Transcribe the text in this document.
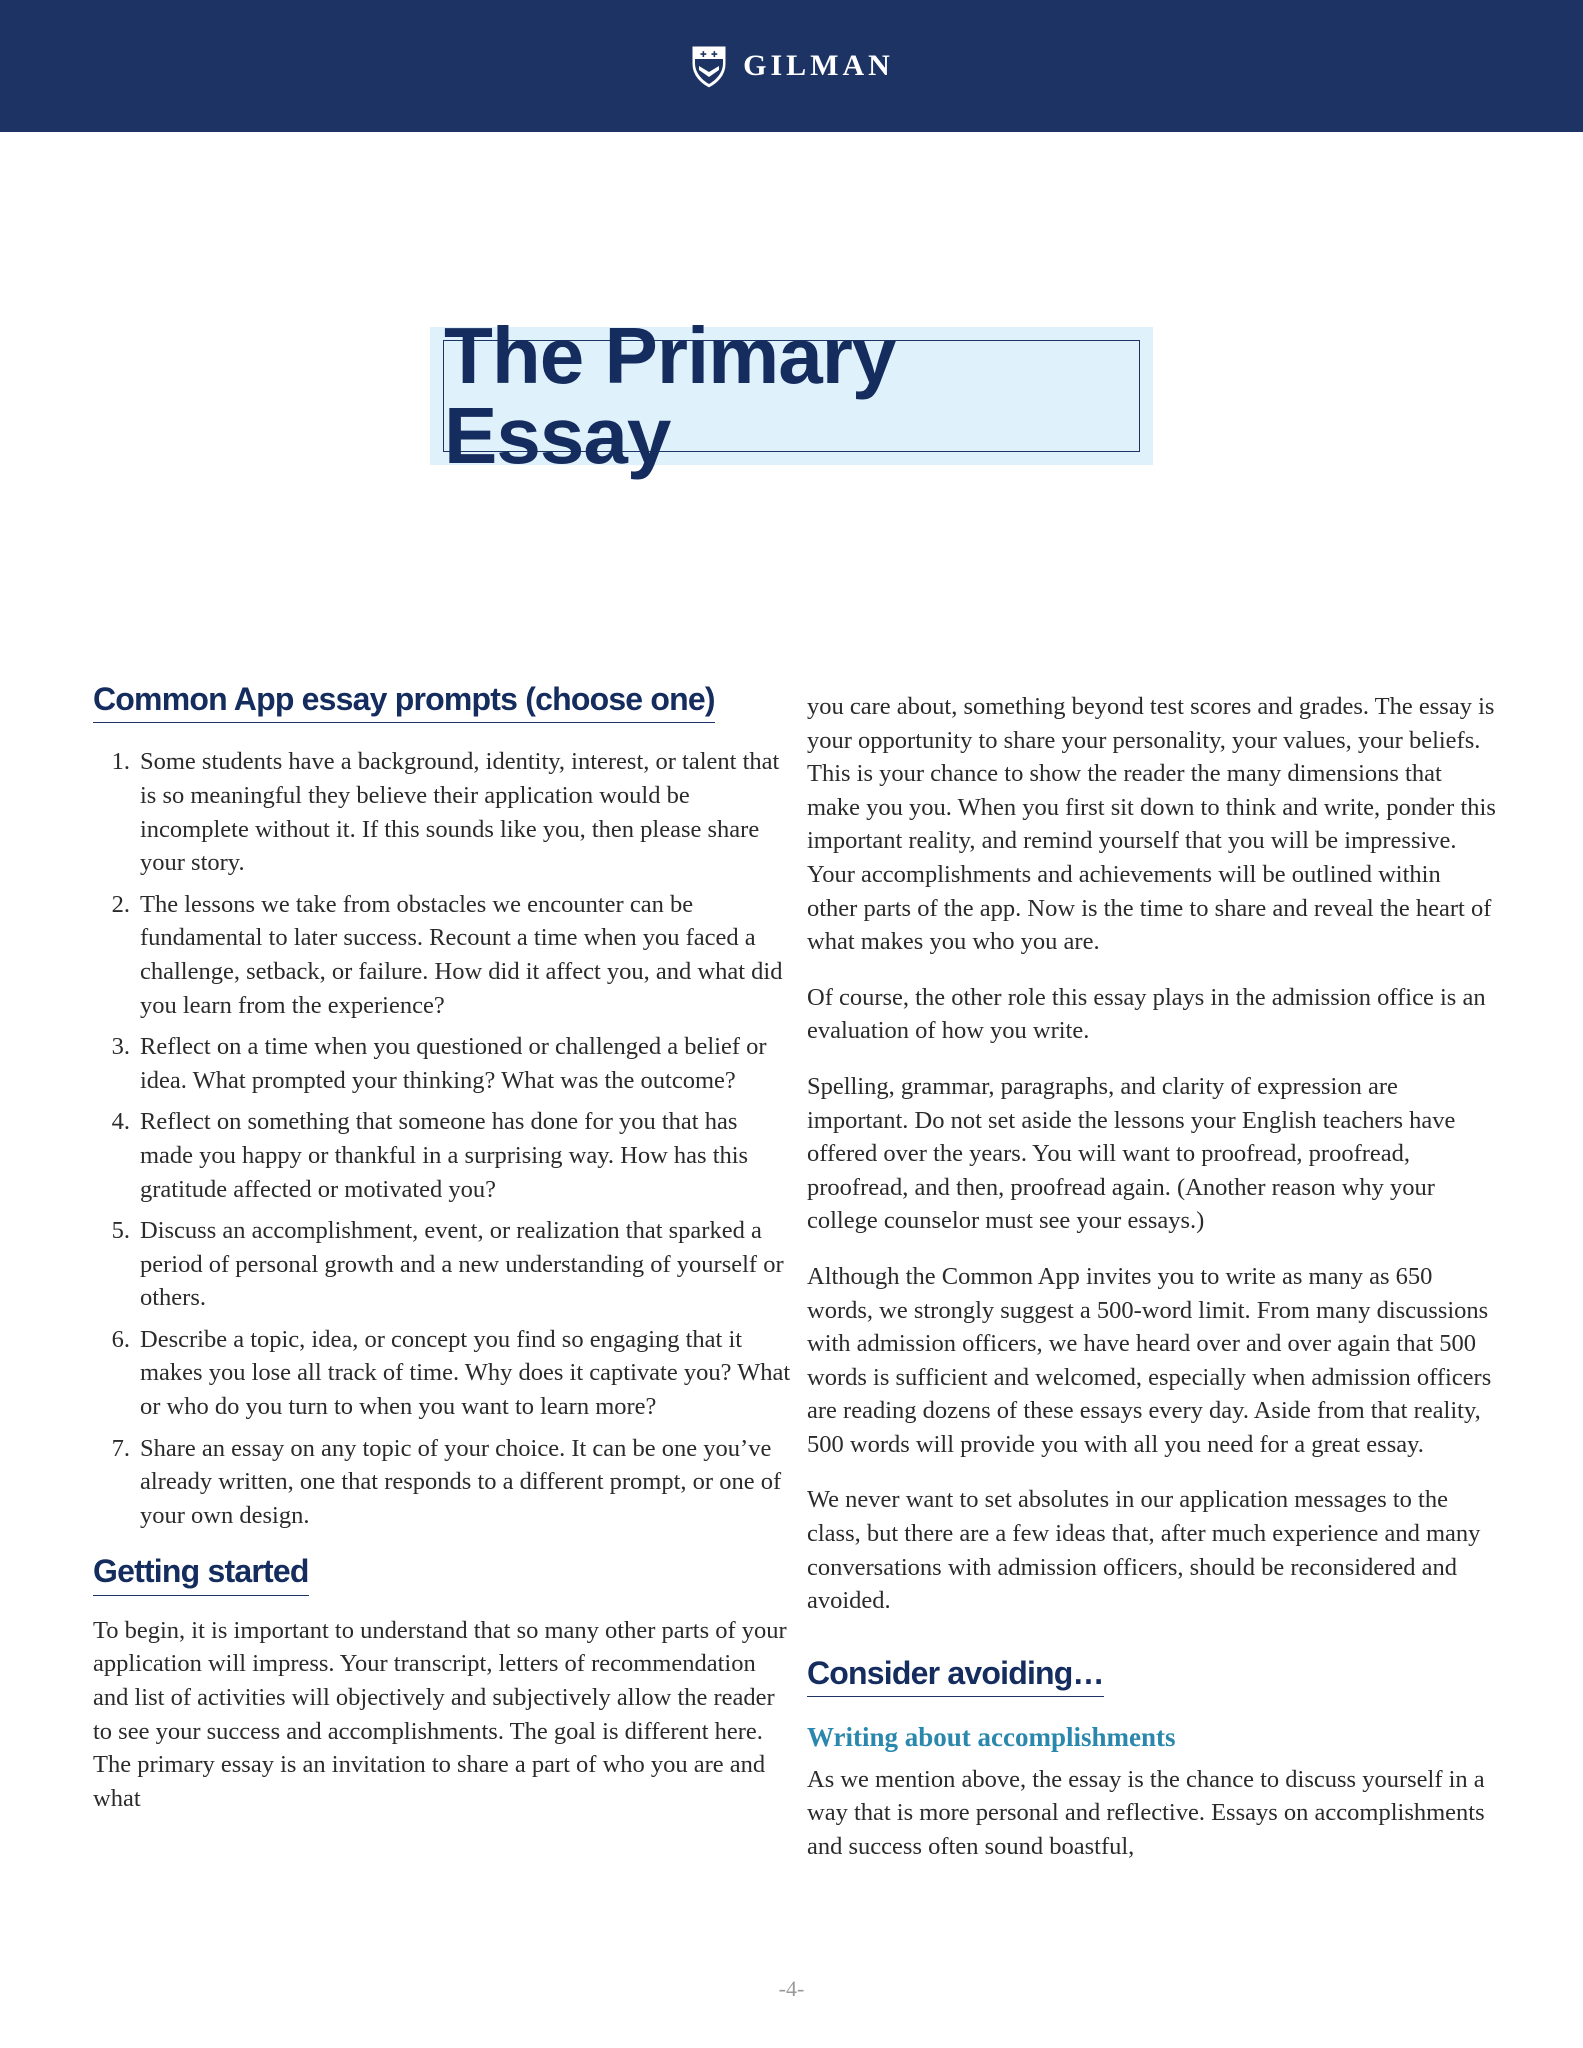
✚ ✚ GILMAN
The Primary Essay
Common App essay prompts (choose one)
1. Some students have a background, identity, interest, or talent that is so meaningful they believe their application would be incomplete without it. If this sounds like you, then please share your story.
2. The lessons we take from obstacles we encounter can be fundamental to later success. Recount a time when you faced a challenge, setback, or failure. How did it affect you, and what did you learn from the experience?
3. Reflect on a time when you questioned or challenged a belief or idea. What prompted your thinking? What was the outcome?
4. Reflect on something that someone has done for you that has made you happy or thankful in a surprising way. How has this gratitude affected or motivated you?
5. Discuss an accomplishment, event, or realization that sparked a period of personal growth and a new understanding of yourself or others.
6. Describe a topic, idea, or concept you find so engaging that it makes you lose all track of time. Why does it captivate you? What or who do you turn to when you want to learn more?
7. Share an essay on any topic of your choice. It can be one you’ve already written, one that responds to a different prompt, or one of your own design.
Getting started

To begin, it is important to understand that so many other parts of your application will impress. Your transcript, letters of recommendation and list of activities will objectively and subjectively allow the reader to see your success and accomplishments. The goal is different here. The primary essay is an invitation to share a part of who you are and what

you care about, something beyond test scores and grades. The essay is your opportunity to share your personality, your values, your beliefs. This is your chance to show the reader the many dimensions that make you you. When you first sit down to think and write, ponder this important reality, and remind yourself that you will be impressive. Your accomplishments and achievements will be outlined within other parts of the app. Now is the time to share and reveal the heart of what makes you who you are.

Of course, the other role this essay plays in the admission office is an evaluation of how you write.

Spelling, grammar, paragraphs, and clarity of expression are important. Do not set aside the lessons your English teachers have offered over the years. You will want to proofread, proofread, proofread, and then, proofread again. (Another reason why your college counselor must see your essays.)

Although the Common App invites you to write as many as 650 words, we strongly suggest a 500-word limit. From many discussions with admission officers, we have heard over and over again that 500 words is sufficient and welcomed, especially when admission officers are reading dozens of these essays every day. Aside from that reality, 500 words will provide you with all you need for a great essay.

We never want to set absolutes in our application messages to the class, but there are a few ideas that, after much experience and many conversations with admission officers, should be reconsidered and avoided.

Consider avoiding…
Writing about accomplishments

As we mention above, the essay is the chance to discuss yourself in a way that is more personal and reflective. Essays on accomplishments and success often sound boastful,

-4-
